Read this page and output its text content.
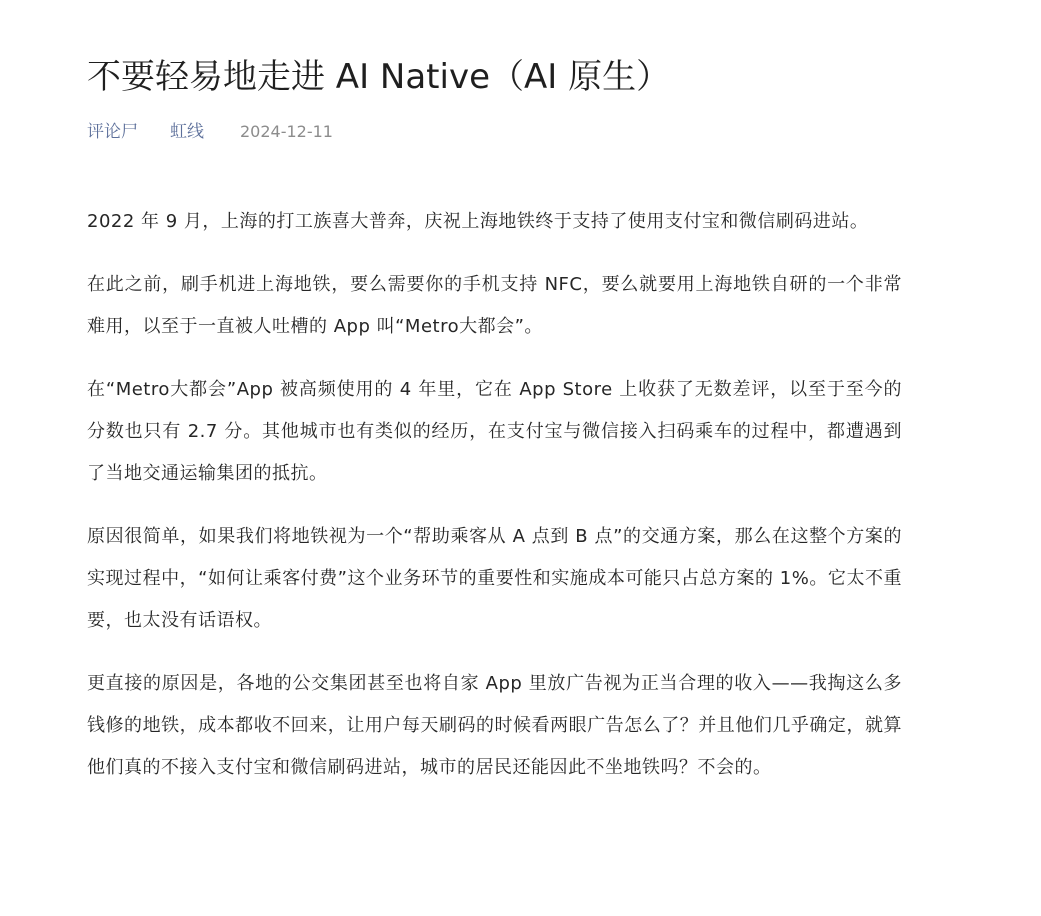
不要轻易地走进 AI Native（AI 原生）
评论尸 虹线 2024-12-11

2022 年 9 月，上海的打工族喜大普奔，庆祝上海地铁终于支持了使用支付宝和微信刷码进站。

在此之前，刷手机进上海地铁，要么需要你的手机支持 NFC，要么就要用上海地铁自研的一个非常难用，以至于一直被人吐槽的 App 叫“Metro大都会”。

在“Metro大都会”App 被高频使用的 4 年里，它在 App Store 上收获了无数差评，以至于至今的分数也只有 2.7 分。其他城市也有类似的经历，在支付宝与微信接入扫码乘车的过程中，都遭遇到了当地交通运输集团的抵抗。

原因很简单，如果我们将地铁视为一个“帮助乘客从 A 点到 B 点”的交通方案，那么在这整个方案的实现过程中，“如何让乘客付费”这个业务环节的重要性和实施成本可能只占总方案的 1%。它太不重要，也太没有话语权。

更直接的原因是，各地的公交集团甚至也将自家 App 里放广告视为正当合理的收入——我掏这么多钱修的地铁，成本都收不回来，让用户每天刷码的时候看两眼广告怎么了？并且他们几乎确定，就算他们真的不接入支付宝和微信刷码进站，城市的居民还能因此不坐地铁吗？不会的。
